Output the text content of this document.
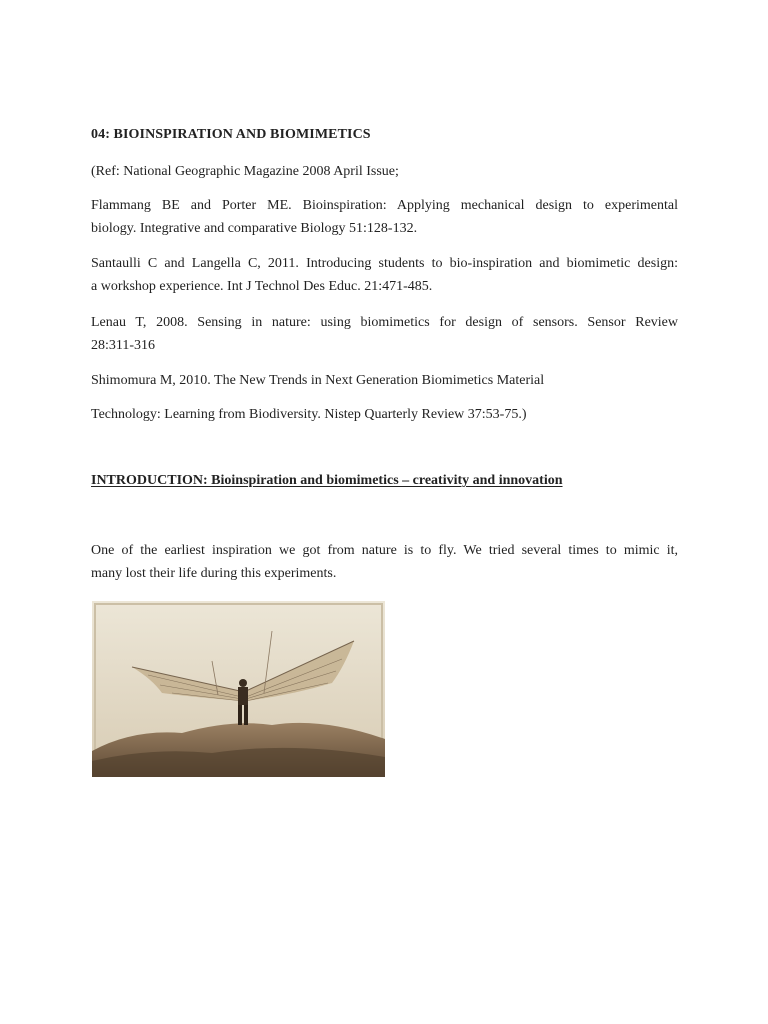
04: BIOINSPIRATION AND BIOMIMETICS
(Ref: National Geographic Magazine 2008 April Issue;
Flammang BE and Porter ME. Bioinspiration: Applying mechanical design to experimental
biology. Integrative and comparative Biology 51:128-132.
Santaulli C and Langella C, 2011. Introducing students to bio-inspiration and biomimetic design:
a workshop experience. Int J Technol Des Educ. 21:471-485.
Lenau T, 2008. Sensing in nature: using biomimetics for design of sensors. Sensor Review
28:311-316
Shimomura M, 2010. The New Trends in Next Generation Biomimetics Material
Technology: Learning from Biodiversity. Nistep Quarterly Review 37:53-75.)
INTRODUCTION: Bioinspiration and biomimetics – creativity and innovation
One of the earliest inspiration we got from nature is to fly. We tried several times to mimic it,
many lost their life during this experiments.
